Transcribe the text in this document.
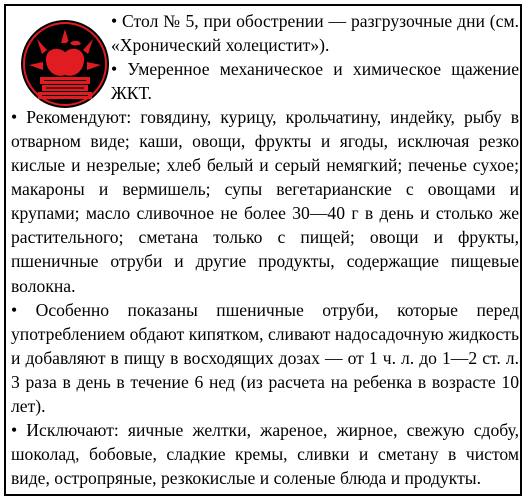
• Стол № 5, при обострении — разгрузочные дни (см. «Хронический холецистит»).

• Умеренное механическое и химическое щажение ЖКТ.

• Рекомендуют: говядину, курицу, крольчатину, индейку, рыбу в отварном виде; каши, овощи, фрукты и ягоды, исключая резко кислые и незрелые; хлеб белый и серый немягкий; печенье сухое; макароны и вермишель; супы вегетарианские с овощами и крупами; масло сливочное не более 30—40 г в день и столько же растительного; сметана только с пищей; овощи и фрукты, пшеничные отруби и другие продукты, содержащие пищевые волокна.

• Особенно показаны пшеничные отруби, которые перед употреблением обдают кипятком, сливают надосадочную жидкость и добавляют в пищу в восходящих дозах — от 1 ч. л. до 1—2 ст. л. 3 раза в день в течение 6 нед (из расчета на ребенка в возрасте 10 лет).

• Исключают: яичные желтки, жареное, жирное, свежую сдобу, шоколад, бобовые, сладкие кремы, сливки и сметану в чистом виде, остропряные, резкокислые и соленые блюда и продукты.
